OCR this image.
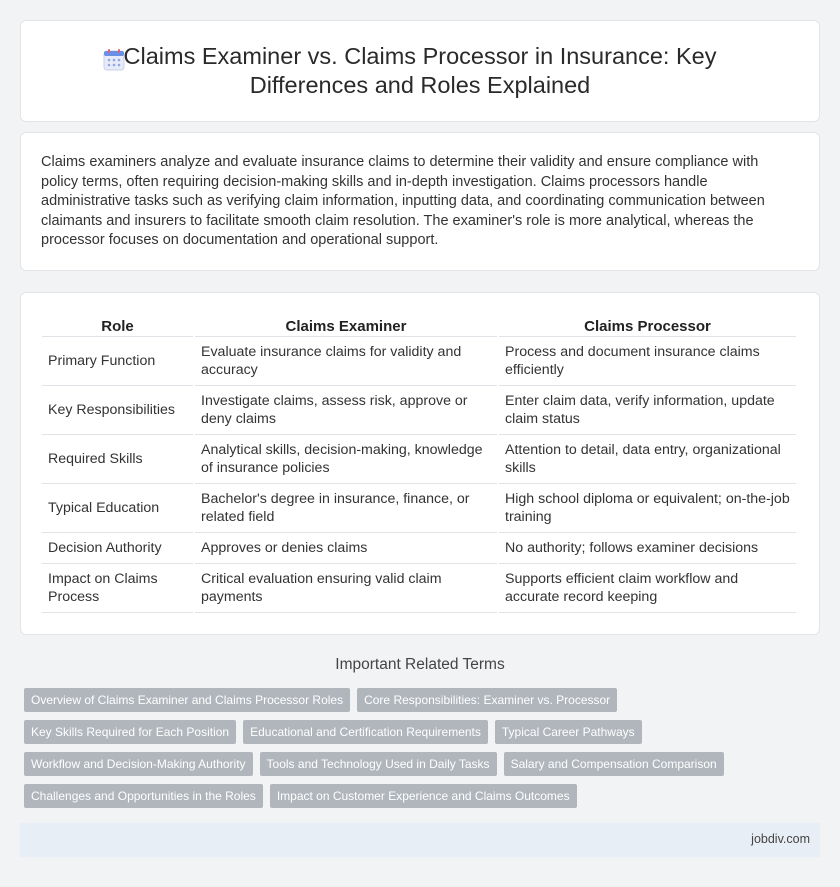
Claims Examiner vs. Claims Processor in Insurance: Key Differences and Roles Explained

Claims examiners analyze and evaluate insurance claims to determine their validity and ensure compliance with policy terms, often requiring decision-making skills and in-depth investigation. Claims processors handle administrative tasks such as verifying claim information, inputting data, and coordinating communication between claimants and insurers to facilitate smooth claim resolution. The examiner's role is more analytical, whereas the processor focuses on documentation and operational support.

Role	Claims Examiner	Claims Processor
Primary Function	Evaluate insurance claims for validity and accuracy	Process and document insurance claims efficiently
Key Responsibilities	Investigate claims, assess risk, approve or deny claims	Enter claim data, verify information, update claim status
Required Skills	Analytical skills, decision-making, knowledge of insurance policies	Attention to detail, data entry, organizational skills
Typical Education	Bachelor's degree in insurance, finance, or related field	High school diploma or equivalent; on-the-job training
Decision Authority	Approves or denies claims	No authority; follows examiner decisions
Impact on Claims Process	Critical evaluation ensuring valid claim payments	Supports efficient claim workflow and accurate record keeping
Important Related Terms
Overview of Claims Examiner and Claims Processor Roles	Core Responsibilities: Examiner vs. Processor
Key Skills Required for Each Position	Educational and Certification Requirements	Typical Career Pathways
Workflow and Decision-Making Authority	Tools and Technology Used in Daily Tasks	Salary and Compensation Comparison
Challenges and Opportunities in the Roles	Impact on Customer Experience and Claims Outcomes
jobdiv.com
